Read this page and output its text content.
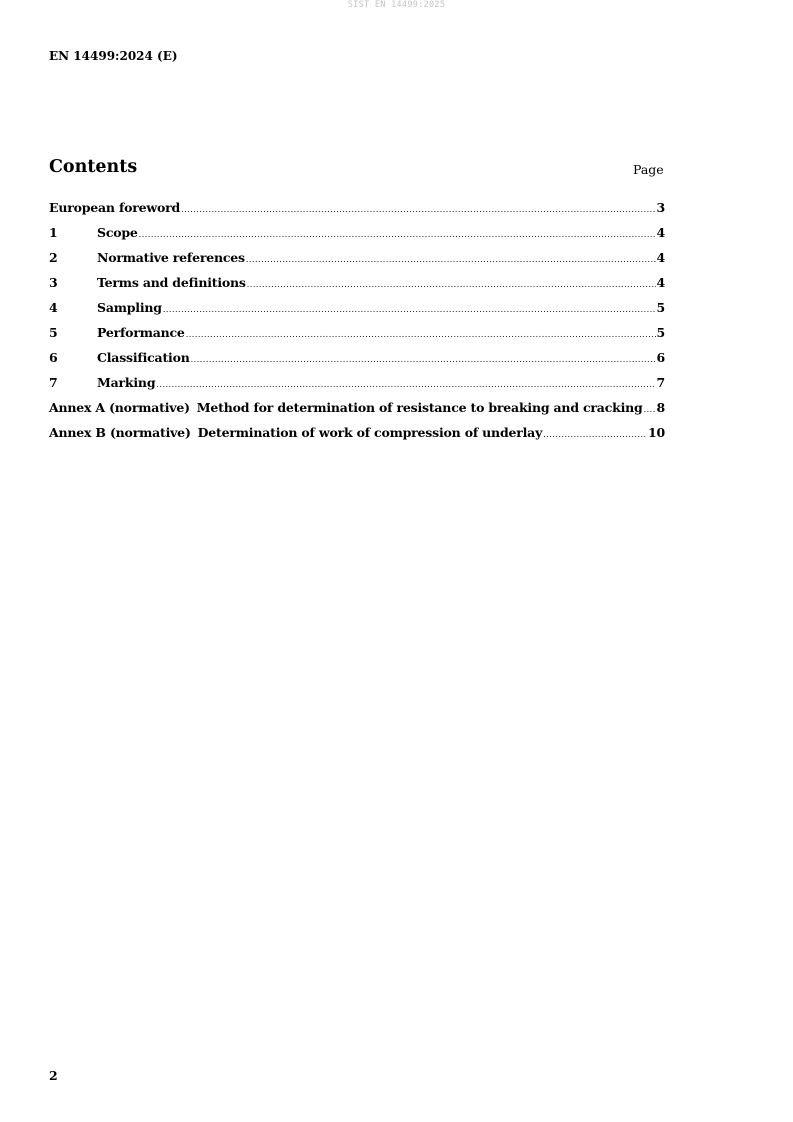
SIST EN 14499:2025
EN 14499:2024 (E)
Contents	Page
European foreword .....	3
1	Scope .....	4
2	Normative references .....	4
3	Terms and definitions .....	4
4	Sampling .....	5
5	Performance .....	5
6	Classification .....	6
7	Marking .....	7
Annex A (normative) Method for determination of resistance to breaking and cracking ..... 8
Annex B (normative) Determination of work of compression of underlay .....	10
2
